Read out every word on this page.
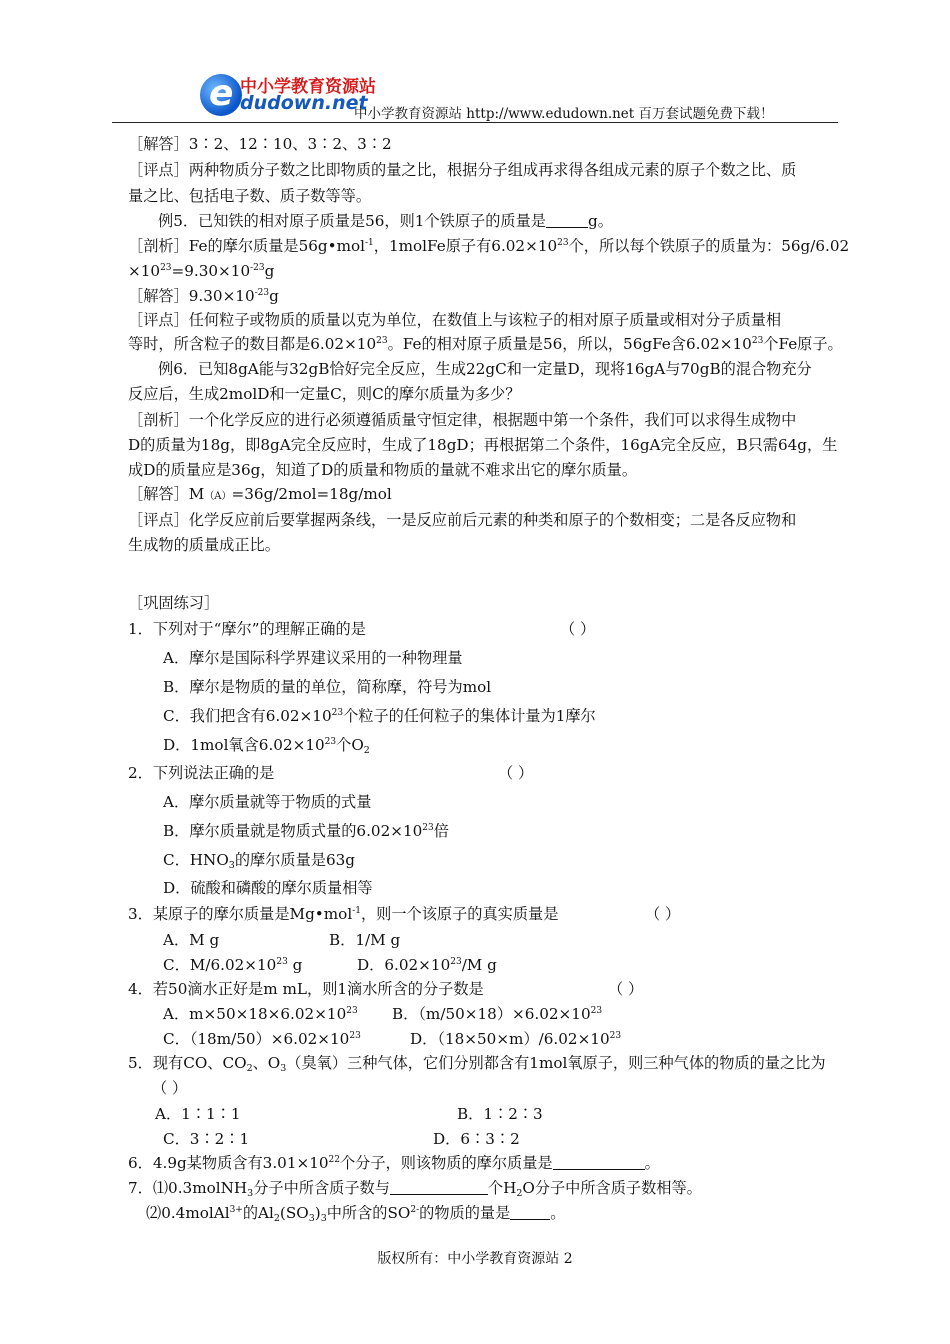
e 中小学教育资源站
dudown.net
中小学教育资源站 http://www.edudown.net 百万套试题免费下载！
［解答］3∶2、12∶10、3∶2、3∶2
［评点］两种物质分子数之比即物质的量之比，根据分子组成再求得各组成元素的原子个数之比、质
量之比、包括电子数、质子数等等。
例5．已知铁的相对原子质量是56，则1个铁原子的质量是	g。
［剖析］Fe的摩尔质量是56g•mol$^{-1}$，1molFe原子有$6.02\times 10^{23}$个，所以每个铁原子的质量为：56g/6.02
$\times 10^{23}=9.30\times 10^{-23}g$
［解答$]9.30\times 10^{-23}g$
［评点］任何粒子或物质的质量以克为单位，在数值上与该粒子的相对原子质量或相对分子质量相
等时，所含粒子的数目都是$6.02\times 10^{23}$。Fe的相对原子质量是56，所以，56gFe含$6.02\times 10^{23}$个Fe原子。
例6．已知8gA能与32gB恰好完全反应，生成22gC和一定量D，现将16gA与70gB的混合物充分
反应后，生成2molD和一定量C，则C的摩尔质量为多少？
［剖析］一个化学反应的进行必须遵循质量守恒定律，根据题中第一个条件，我们可以求得生成物中
D的质量为18g，即8gA完全反应时，生成了18gD；再根据第二个条件，16gA完全反应，B只需64g，生
成D的质量应是36g，知道了D的质量和物质的量就不难求出它的摩尔质量。
［解答］M（A）=36g/2mol=18g/mol
［评点］化学反应前后要掌握两条线，一是反应前后元素的种类和原子的个数相变；二是各反应物和
生成物的质量成正比。
［巩固练习］
1．下列对于“摩尔”的理解正确的是	（ ）
A．摩尔是国际科学界建议采用的一种物理量
B．摩尔是物质的量的单位，简称摩，符号为mol
C．我们把含有$6.02\times 10^{23}$个粒子的任何粒子的集体计量为1摩尔
D．1mol氧含$6.02\times 10^{23}$个$O_2$
2．下列说法正确的是	（ ）
A．摩尔质量就等于物质的式量
B．摩尔质量就是物质式量的$6.02\times 10^{23}$倍
C．$HNO_3$的摩尔质量是63g
D．硫酸和磷酸的摩尔质量相等
3．某原子的摩尔质量是Mg•mol$^{-1}$，则一个该原子的真实质量是	（ ）
A．M g	B．1/M g
C．$M/6.02\times 10^{23}$ g	D．$6.02\times 10^{23}/M$ g
4．若50滴水正好是m mL，则1滴水所含的分子数是	（ ）
A．$m\times 50\times 18\times 6.02\times 10^{23}$ B．$(m/50\times 18)\times 6.02\times 10^{23}$
C．$(18m/50)\times 6.02\times 10^{23}$	D．$(18\times 50\times m)/6.02\times 10^{23}$
5．现有CO、$CO_2$、$O_3$（臭氧）三种气体，它们分别都含有1mol氧原子，则三种气体的物质的量之比为
（ ）
A．1∶1∶1	B．1∶2∶3
C．3∶2∶1	D．6∶3∶2
6．4.9g某物质含有$3.01\times 10^{22}$个分子，则该物质的摩尔质量是	。
7．⑴0.3molNH$_3$分子中所含质子数与	个$H_2O$分子中所含质子数相等。
⑵0.4molAl$^{3+}$的$Al_2(SO_3)_3$中所含的$SO^{2-}$的物质的量是	。
版权所有：中小学教育资源站 2
